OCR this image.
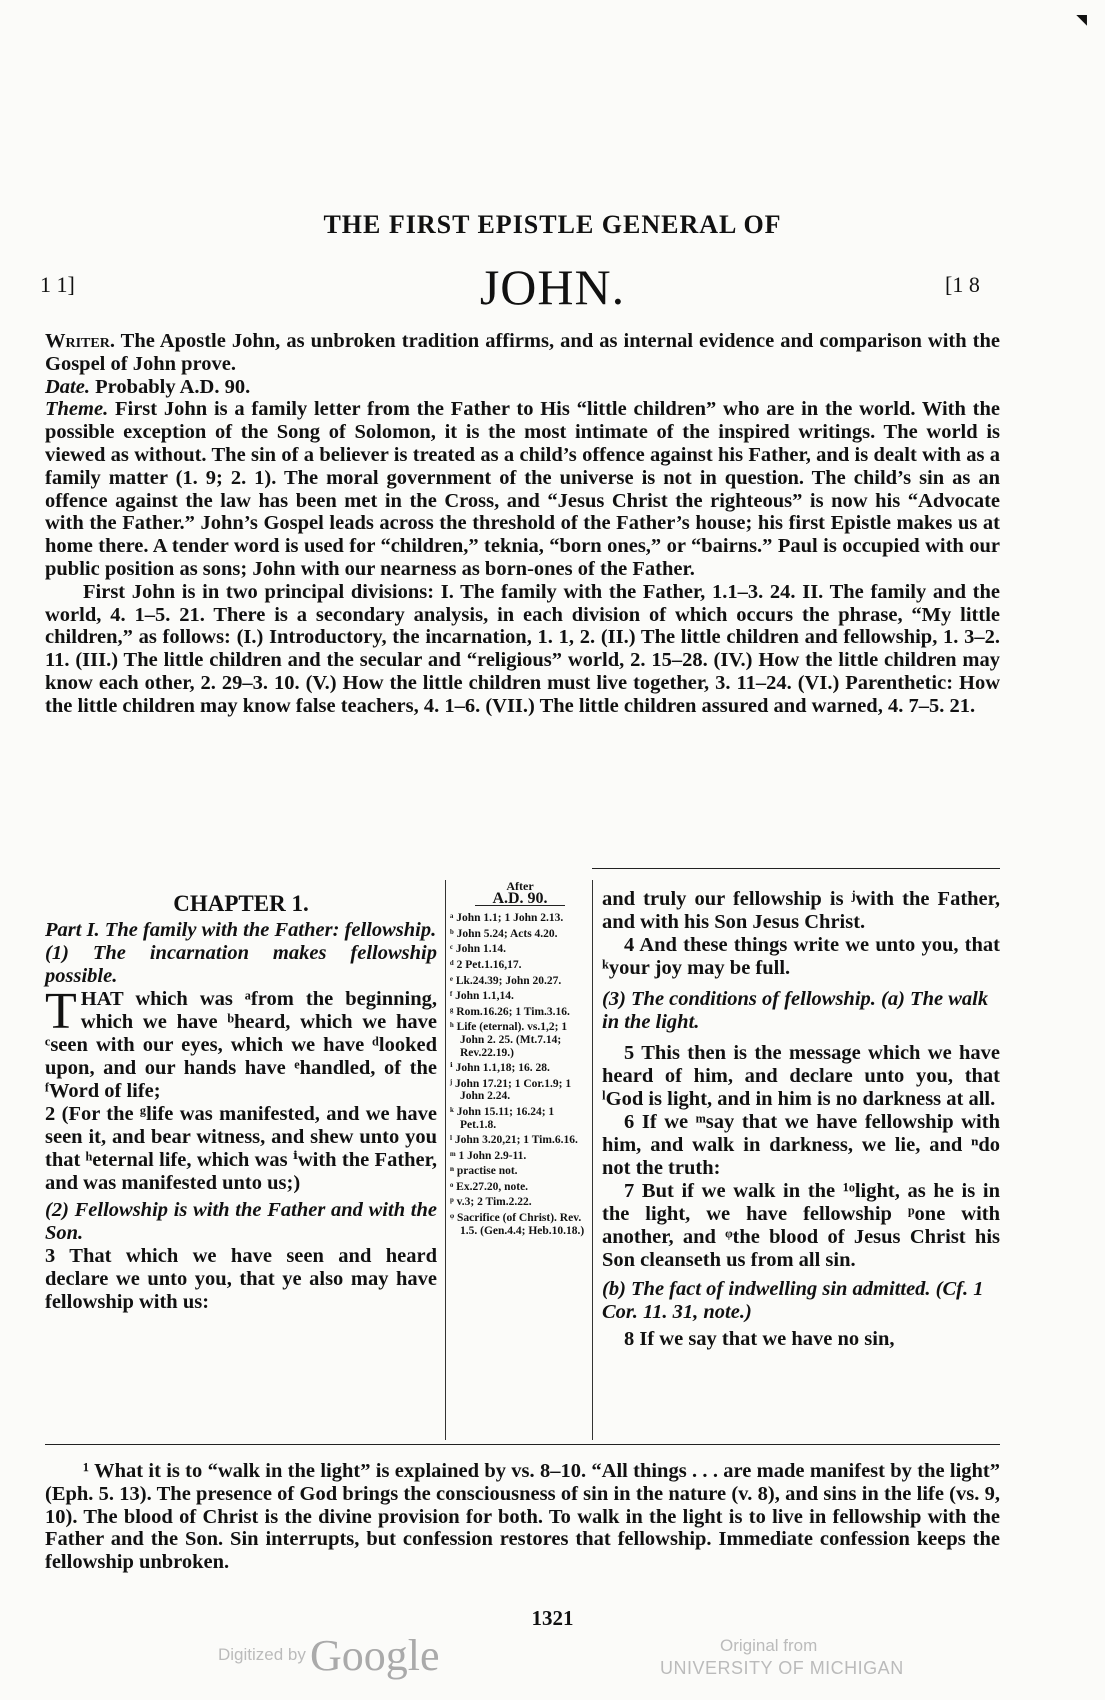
◥
THE FIRST EPISTLE GENERAL OF
JOHN.
1 1]	[1 8

Writer. The Apostle John, as unbroken tradition affirms, and as internal evidence and comparison with the Gospel of John prove.

Date. Probably A.D. 90.

Theme. First John is a family letter from the Father to His “little children” who are in the world. With the possible exception of the Song of Solomon, it is the most intimate of the inspired writings. The world is viewed as without. The sin of a believer is treated as a child’s offence against his Father, and is dealt with as a family matter (1. 9; 2. 1). The moral government of the universe is not in question. The child’s sin as an offence against the law has been met in the Cross, and “Jesus Christ the righteous” is now his “Advocate with the Father.” John’s Gospel leads across the threshold of the Father’s house; his first Epistle makes us at home there. A tender word is used for “children,” teknia, “born ones,” or “bairns.” Paul is occupied with our public position as sons; John with our nearness as born-ones of the Father.

First John is in two principal divisions: I. The family with the Father, 1.1–3. 24. II. The family and the world, 4. 1–5. 21. There is a secondary analysis, in each division of which occurs the phrase, “My little children,” as follows: (I.) Introductory, the incarnation, 1. 1, 2. (II.) The little children and fellowship, 1. 3–2. 11. (III.) The little children and the secular and “religious” world, 2. 15–28. (IV.) How the little children may know each other, 2. 29–3. 10. (V.) How the little children must live together, 3. 11–24. (VI.) Parenthetic: How the little children may know false teachers, 4. 1–6. (VII.) The little children assured and warned, 4. 7–5. 21.

CHAPTER 1.

Part I. The family with the Father: fellowship.

(1) The incarnation makes fellowship possible.

T HAT which was ᵃfrom the beginning, which we have ᵇheard, which we have ᶜseen with our eyes, which we have ᵈlooked upon, and our hands have ᵉhandled, of the ᶠWord of life;

2 (For the ᵍlife was manifested, and we have seen it, and bear witness, and shew unto you that ʰeternal life, which was ⁱwith the Father, and was manifested unto us;)

(2) Fellowship is with the Father and with the Son.

3 That which we have seen and heard declare we unto you, that ye also may have fellowship with us:

After
A.D. 90.
ᵃ John 1.1; 1 John 2.13.
ᵇ John 5.24; Acts 4.20.
ᶜ John 1.14.
ᵈ 2 Pet.1.16,17.
ᵉ Lk.24.39; John 20.27.
ᶠ John 1.1,14.
ᵍ Rom.16.26; 1 Tim.3.16.
ʰ Life (eternal). vs.1,2; 1 John 2. 25. (Mt.7.14; Rev.22.19.)
ⁱ John 1.1,18; 16. 28.
ʲ John 17.21; 1 Cor.1.9; 1 John 2.24.
ᵏ John 15.11; 16.24; 1 Pet.1.8.
ˡ John 3.20,21; 1 Tim.6.16.
ᵐ 1 John 2.9-11.
ⁿ practise not.
ᵒ Ex.27.20, note.
ᵖ v.3; 2 Tim.2.22.
ᵠ Sacrifice (of Christ). Rev. 1.5. (Gen.4.4; Heb.10.18.)

and truly our fellowship is ʲwith the Father, and with his Son Jesus Christ.

4 And these things write we unto you, that ᵏyour joy may be full.

(3) The conditions of fellowship. (a) The walk in the light.

5 This then is the message which we have heard of him, and declare unto you, that ˡGod is light, and in him is no darkness at all.

6 If we ᵐsay that we have fellowship with him, and walk in darkness, we lie, and ⁿdo not the truth:

7 But if we walk in the ¹ᵒlight, as he is in the light, we have fellowship ᵖone with another, and ᵠthe blood of Jesus Christ his Son cleanseth us from all sin.

(b) The fact of indwelling sin admitted. (Cf. 1 Cor. 11. 31, note.)

8 If we say that we have no sin,

¹ What it is to “walk in the light” is explained by vs. 8–10. “All things . . . are made manifest by the light” (Eph. 5. 13). The presence of God brings the consciousness of sin in the nature (v. 8), and sins in the life (vs. 9, 10). The blood of Christ is the divine provision for both. To walk in the light is to live in fellowship with the Father and the Son. Sin interrupts, but confession restores that fellowship. Immediate confession keeps the fellowship unbroken.

1321
Digitized by Google	Original from
UNIVERSITY OF MICHIGAN
